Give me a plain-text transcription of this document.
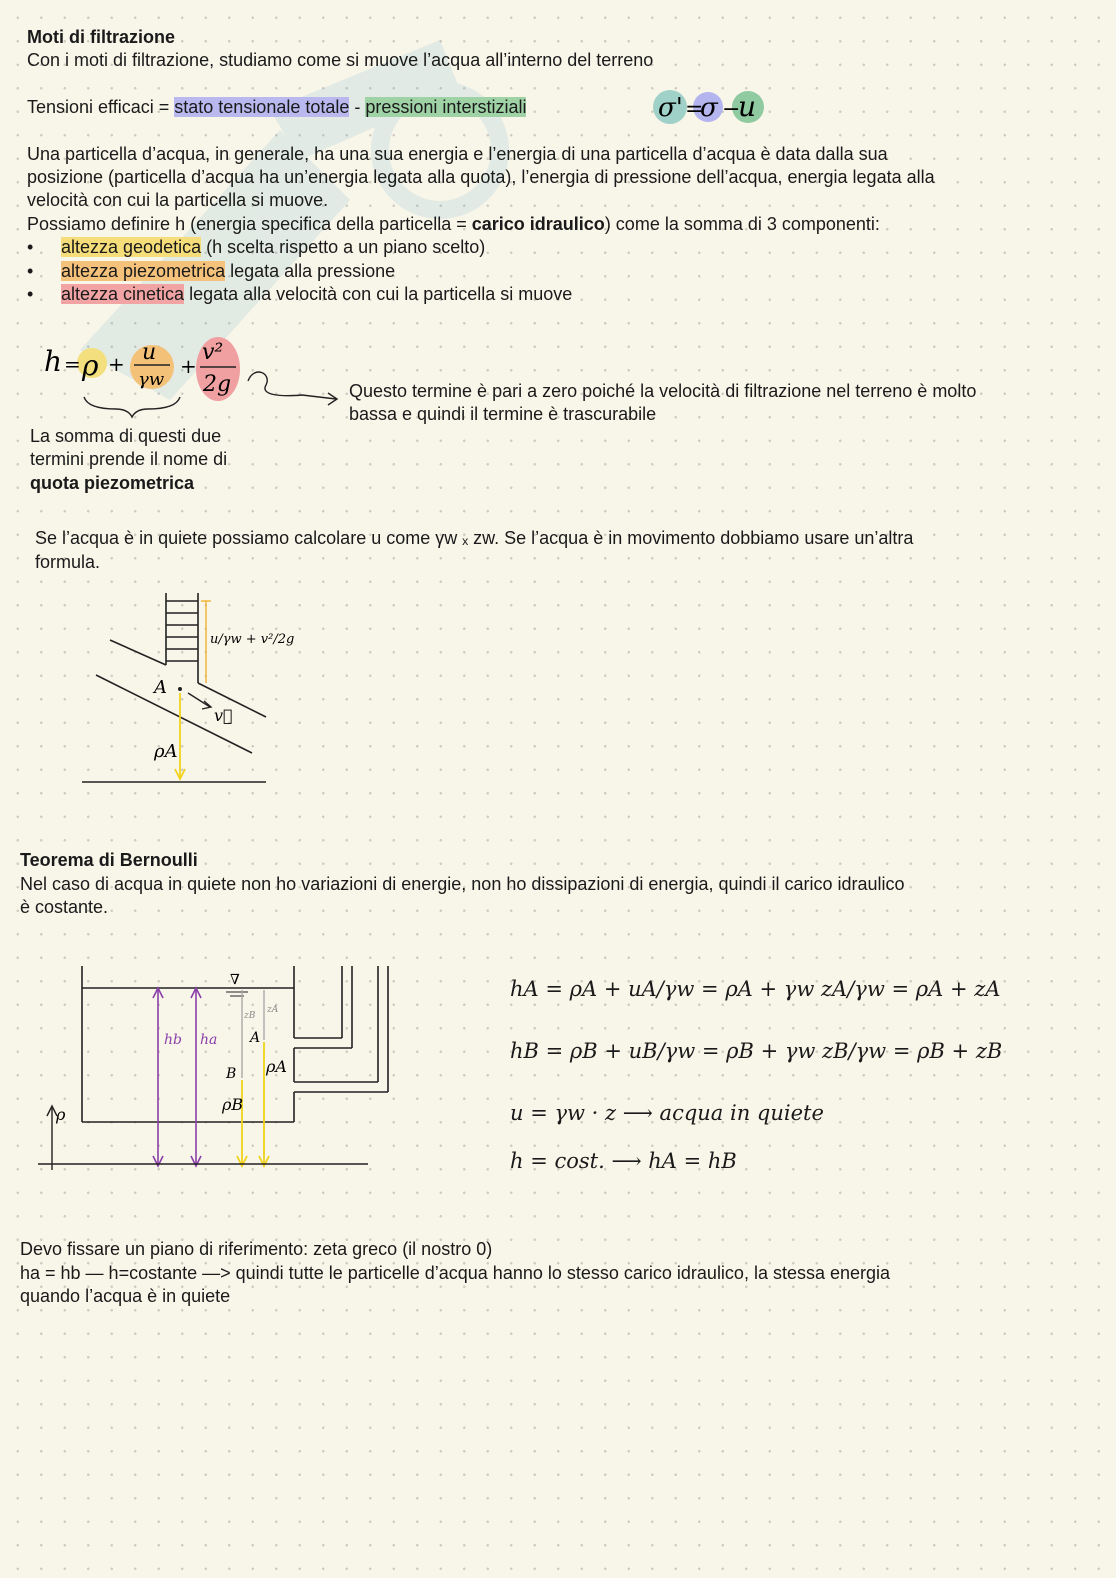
Moti di filtrazione
Con i moti di filtrazione, studiamo come si muove l’acqua all’interno del terreno
Tensioni efficaci = stato tensionale totale - pressioni interstiziali	σ' =
σ −
u
Una particella d’acqua, in generale, ha una sua energia e l’energia di una particella d’acqua è data dalla sua
posizione (particella d’acqua ha un’energia legata alla quota), l’energia di pressione dell’acqua, energia legata alla
velocità con cui la particella si muove.
Possiamo definire h (energia specifica della particella = carico idraulico) come la somma di 3 componenti:
• altezza geodetica (h scelta rispetto a un piano scelto)
• altezza piezometrica legata alla pressione
• altezza cinetica legata alla velocità con cui la particella si muove
h = ρ + u
γw
+
v²
2g	Questo termine è pari a zero poiché la velocità di filtrazione nel terreno è molto
bassa e quindi il termine è trascurabile
La somma di questi due
termini prende il nome di
quota piezometrica
Se l’acqua è in quiete possiamo calcolare u come γw ₓ zw. Se l’acqua è in movimento dobbiamo usare un’altra
formula.
u/γw + v²/2g
A
v⃗
ρA
Teorema di Bernoulli
Nel caso di acqua in quiete non ho variazioni di energie, non ho dissipazioni di energia, quindi il carico idraulico
è costante.
∇
hb ha
zB
zA
A
B ρA
ρB
ρ
hA = ρA + uA/γw = ρA + γw zA/γw = ρA + zA
hB = ρB + uB/γw = ρB + γw zB/γw = ρB + zB
u = γw · z ⟶ acqua in quiete
h = cost. ⟶ hA = hB
Devo fissare un piano di riferimento: zeta greco (il nostro 0)
ha = hb — h=costante —> quindi tutte le particelle d’acqua hanno lo stesso carico idraulico, la stessa energia
quando l’acqua è in quiete
